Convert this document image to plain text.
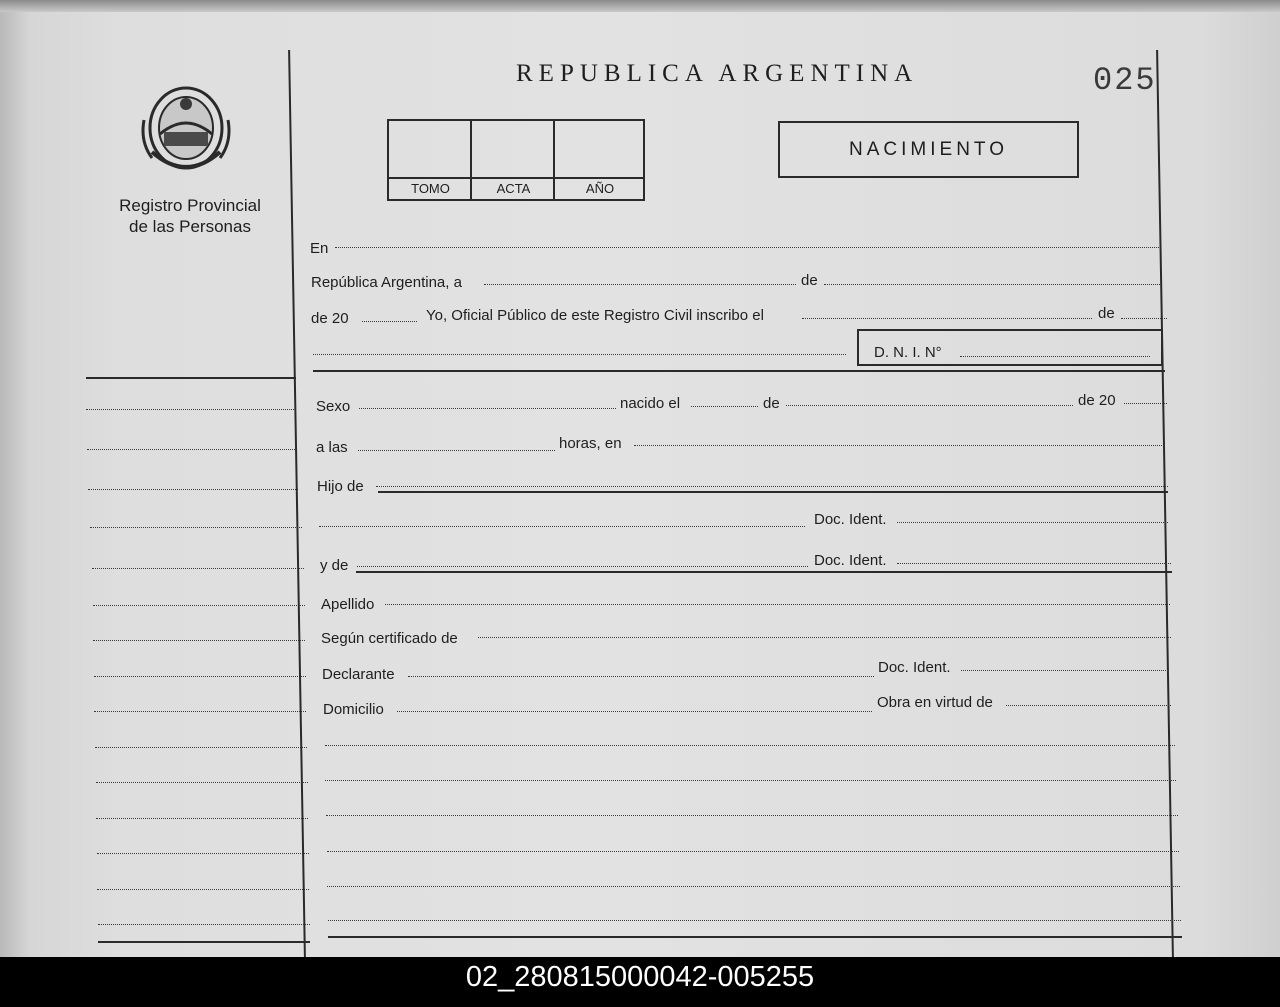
Registro Provincial
de las Personas
REPUBLICA ARGENTINA	025
TOMO	ACTA	AÑO
NACIMIENTO
En
República Argentina, a	de
de 20	Yo, Oficial Público de este Registro Civil inscribo el	de
D. N. I. N°
Sexo	nacido el	de	de 20
a las	horas, en
Hijo de
Doc. Ident.
y de	Doc. Ident.
Apellido
Según certificado de
Declarante	Doc. Ident.
Domicilio	Obra en virtud de
02_280815000042-005255
